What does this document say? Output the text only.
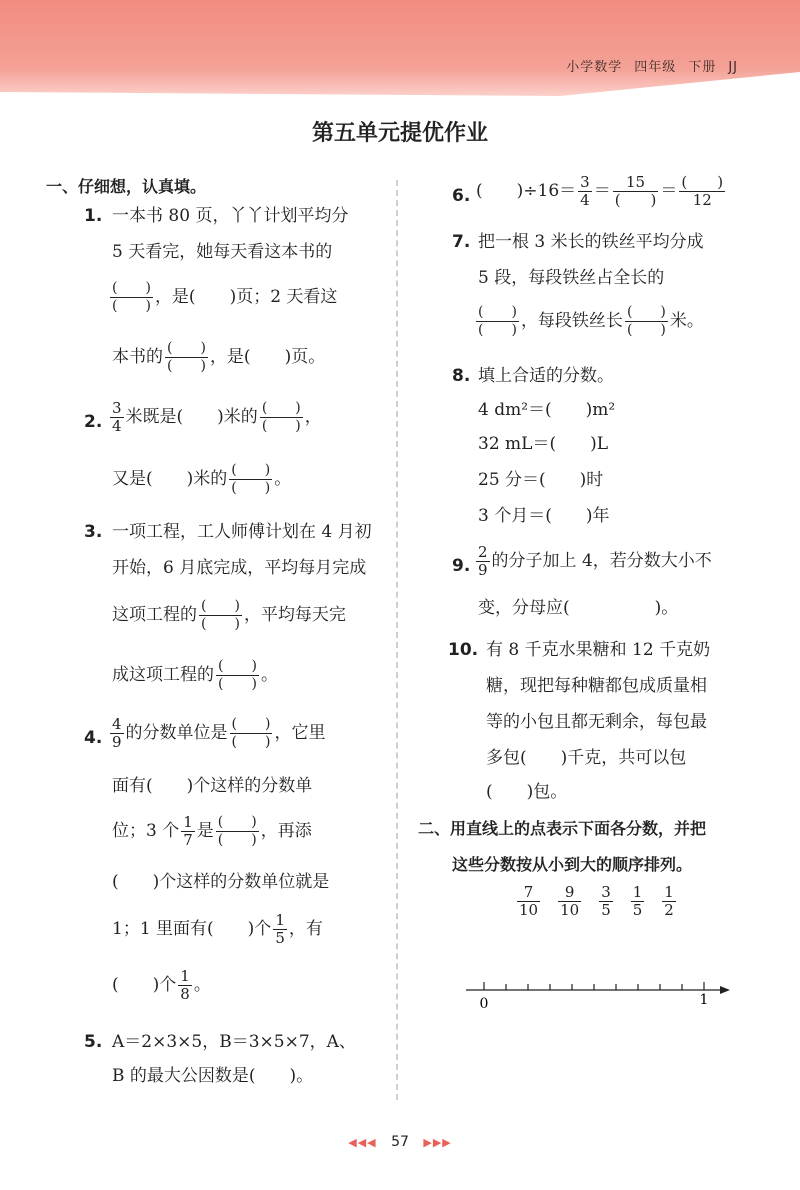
小学数学 四年级 下册 JJ
第五单元提优作业
一、仔细想，认真填。
1. 一本书 80 页，丫丫计划平均分
5 天看完，她每天看这本书的
$\frac{( )}{( )}$ ，是(　　)页；2 天看这
本书的 $\frac{( )}{( )}$ ，是(　　)页。
2. $\frac{3}{4}$ 米既是(　　)米的 $\frac{( )}{( )}$ ，
又是(　　)米的 $\frac{( )}{( )}$ 。
3. 一项工程，工人师傅计划在 4 月初
开始，6 月底完成，平均每月完成
这项工程的 $\frac{( )}{( )}$ ，平均每天完
成这项工程的 $\frac{( )}{( )}$ 。
4. $\frac{4}{9}$ 的分数单位是 $\frac{( )}{( )}$ ，它里
面有(　　)个这样的分数单
位；3 个 $\frac{1}{7}$ 是 $\frac{( )}{( )}$ ，再添
(　　)个这样的分数单位就是
1；1 里面有(　　)个 $\frac{1}{5}$ ，有
(　　)个 $\frac{1}{8}$ 。
5. A＝2×3×5，B＝3×5×7，A、
B 的最大公因数是(　　)。
6. (　　)$\div 16= \frac{3}{4} = \frac{15}{( )} = \frac{( )}{12}$
7. 把一根 3 米长的铁丝平均分成
5 段，每段铁丝占全长的
$\frac{( )}{( )}$ ，每段铁丝长 $\frac{( )}{( )}$ 米。
8. 填上合适的分数。
4 dm²＝(　　)m²
32 mL＝(　　)L
25 分＝(　　)时
3 个月＝(　　)年
9. $\frac{2}{9}$ 的分子加上 4，若分数大小不
变，分母应(　　　　　)。
10. 有 8 千克水果糖和 12 千克奶
糖，现把每种糖都包成质量相
等的小包且都无剩余，每包最
多包(　　)千克，共可以包
(　　)包。
二、用直线上的点表示下面各分数，并把
这些分数按从小到大的顺序排列。
$\frac{7}{10} \frac{9}{10} \frac{3}{5} \frac{1}{5} \frac{1}{2}$
0	1
◀◀◀ 57 ▶▶▶
